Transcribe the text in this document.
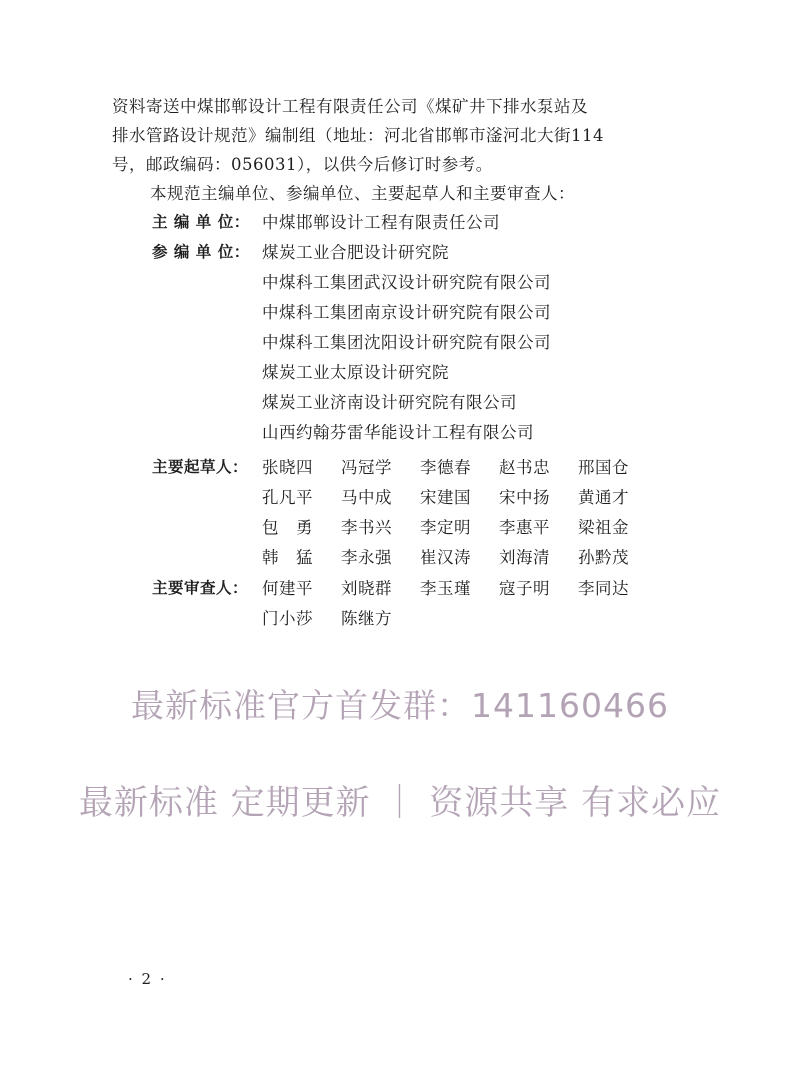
资料寄送中煤邯郸设计工程有限责任公司《煤矿井下排水泵站及
排水管路设计规范》编制组（地址：河北省邯郸市滏河北大街114
号，邮政编码：056031），以供今后修订时参考。
本规范主编单位、参编单位、主要起草人和主要审查人：
主 编 单 位： 中煤邯郸设计工程有限责任公司
参 编 单 位： 煤炭工业合肥设计研究院
中煤科工集团武汉设计研究院有限公司
中煤科工集团南京设计研究院有限公司
中煤科工集团沈阳设计研究院有限公司
煤炭工业太原设计研究院
煤炭工业济南设计研究院有限公司
山西约翰芬雷华能设计工程有限公司
主要起草人： 张晓四	冯冠学	李德春	赵书忠	邢国仓
孔凡平	马中成	宋建国	宋中扬	黄通才
包　勇	李书兴	李定明	李惠平	梁祖金
韩　猛	李永强	崔汉涛	刘海清	孙黔茂
主要审查人： 何建平	刘晓群	李玉瑾	寇子明	李同达
门小莎	陈继方
最新标准官方首发群：141160466
最新标准 定期更新 ｜ 资源共享 有求必应
· 2 ·
